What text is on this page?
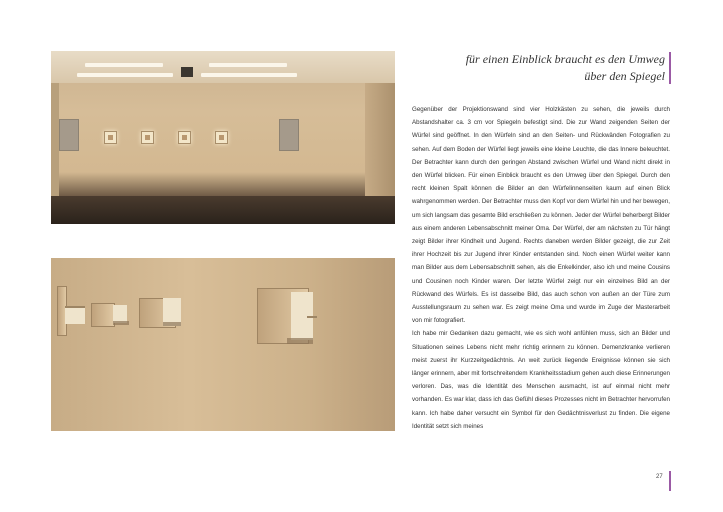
für einen Einblick braucht es den Umweg
über den Spiegel

Gegenüber der Projektionswand sind vier Holzkästen zu sehen, die jeweils durch Abstandshalter ca. 3 cm vor Spiegeln befestigt sind. Die zur Wand zeigenden Seiten der Würfel sind geöffnet. In den Würfeln sind an den Seiten- und Rückwänden Fotografien zu sehen. Auf dem Boden der Würfel liegt jeweils eine kleine Leuchte, die das Innere beleuchtet. Der Betrachter kann durch den geringen Abstand zwischen Würfel und Wand nicht direkt in den Würfel blicken. Für einen Einblick braucht es den Umweg über den Spiegel. Durch den recht kleinen Spalt können die Bilder an den Würfelinnenseiten kaum auf einen Blick wahrgenommen werden. Der Betrachter muss den Kopf vor dem Würfel hin und her bewegen, um sich langsam das gesamte Bild erschließen zu können. Jeder der Würfel beherbergt Bilder aus einem anderen Lebensabschnitt meiner Oma. Der Würfel, der am nächsten zu Tür hängt zeigt Bilder ihrer Kindheit und Jugend. Rechts daneben werden Bilder gezeigt, die zur Zeit ihrer Hochzeit bis zur Jugend ihrer Kinder entstanden sind. Noch einen Würfel weiter kann man Bilder aus dem Lebensabschnitt sehen, als die Enkelkinder, also ich und meine Cousins und Cousinen noch Kinder waren. Der letzte Würfel zeigt nur ein einzelnes Bild an der Rückwand des Würfels. Es ist dasselbe Bild, das auch schon von außen an der Türe zum Ausstellungsraum zu sehen war. Es zeigt meine Oma und wurde im Zuge der Masterarbeit von mir fotografiert.

Ich habe mir Gedanken dazu gemacht, wie es sich wohl anfühlen muss, sich an Bilder und Situationen seines Lebens nicht mehr richtig erinnern zu können. Demenzkranke verlieren meist zuerst ihr Kurzzeitgedächtnis. An weit zurück liegende Ereignisse können sie sich länger erinnern, aber mit fortschreitendem Krankheitsstadium gehen auch diese Erinnerungen verloren. Das, was die Identität des Menschen ausmacht, ist auf einmal nicht mehr vorhanden. Es war klar, dass ich das Gefühl dieses Prozesses nicht im Betrachter hervorrufen kann. Ich habe daher versucht ein Symbol für den Gedächtnisverlust zu finden. Die eigene Identität setzt sich meines

27
